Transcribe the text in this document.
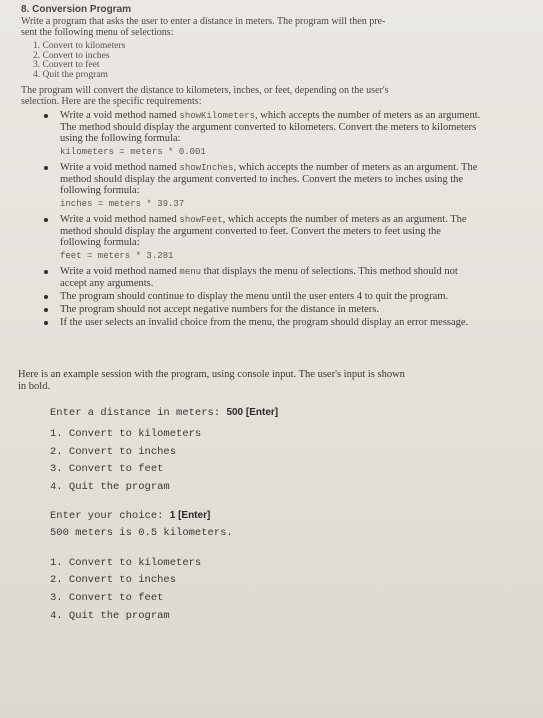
8. Conversion Program
Write a program that asks the user to enter a distance in meters. The program will then pre-
sent the following menu of selections:
1. Convert to kilometers
2. Convert to inches
3. Convert to feet
4. Quit the program
The program will convert the distance to kilometers, inches, or feet, depending on the user's
selection. Here are the specific requirements:
Write a void method named showKilometers, which accepts the number of meters as an argument. The method should display the argument converted to kilometers. Convert the meters to kilometers using the following formula:
kilometers = meters * 0.001
Write a void method named showInches, which accepts the number of meters as an argument. The method should display the argument converted to inches. Convert the meters to inches using the following formula:
inches = meters * 39.37
Write a void method named showFeet, which accepts the number of meters as an argument. The method should display the argument converted to feet. Convert the meters to feet using the following formula:
feet = meters * 3.281
Write a void method named menu that displays the menu of selections. This method should not accept any arguments.
The program should continue to display the menu until the user enters 4 to quit the program.
The program should not accept negative numbers for the distance in meters.
If the user selects an invalid choice from the menu, the program should display an error message.
Here is an example session with the program, using console input. The user's input is shown
in bold.
Enter a distance in meters: 500 [Enter]
1. Convert to kilometers
2. Convert to inches
3. Convert to feet
4. Quit the program
Enter your choice: 1 [Enter]
500 meters is 0.5 kilometers.
1. Convert to kilometers
2. Convert to inches
3. Convert to feet
4. Quit the program
